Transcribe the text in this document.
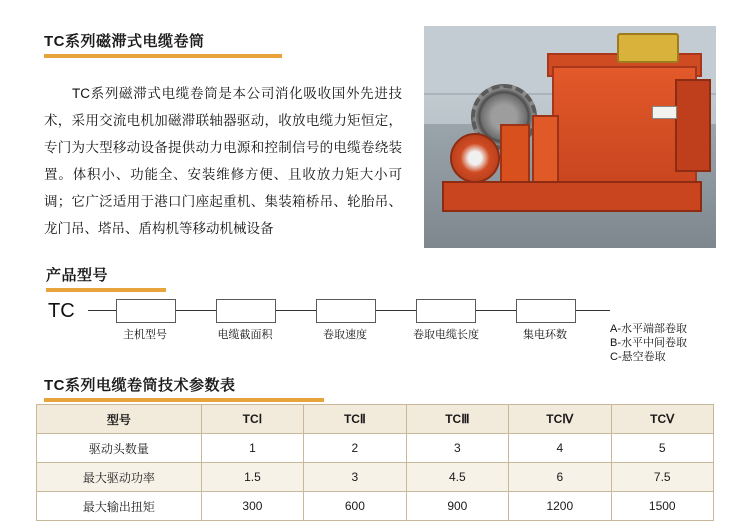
TC系列磁滞式电缆卷筒

TC系列磁滞式电缆卷筒是本公司消化吸收国外先进技术，采用交流电机加磁滞联轴器驱动，收放电缆力矩恒定，专门为大型移动设备提供动力电源和控制信号的电缆卷绕装置。体积小、功能全、安装维修方便、且收放力矩大小可调；它广泛适用于港口门座起重机、集装箱桥吊、轮胎吊、龙门吊、塔吊、盾构机等移动机械设备

产品型号
TC
主机型号	电缆截面积	卷取速度	卷取电缆长度	集电环数	A-水平端部卷取
B-水平中间卷取
C-悬空卷取
TC系列电缆卷筒技术参数表
型号	TCⅠ	TCⅡ	TCⅢ	TCⅣ	TCⅤ
驱动头数量	1	2	3	4	5
最大驱动功率	1.5	3	4.5	6	7.5
最大输出扭矩	300	600	900	1200	1500
